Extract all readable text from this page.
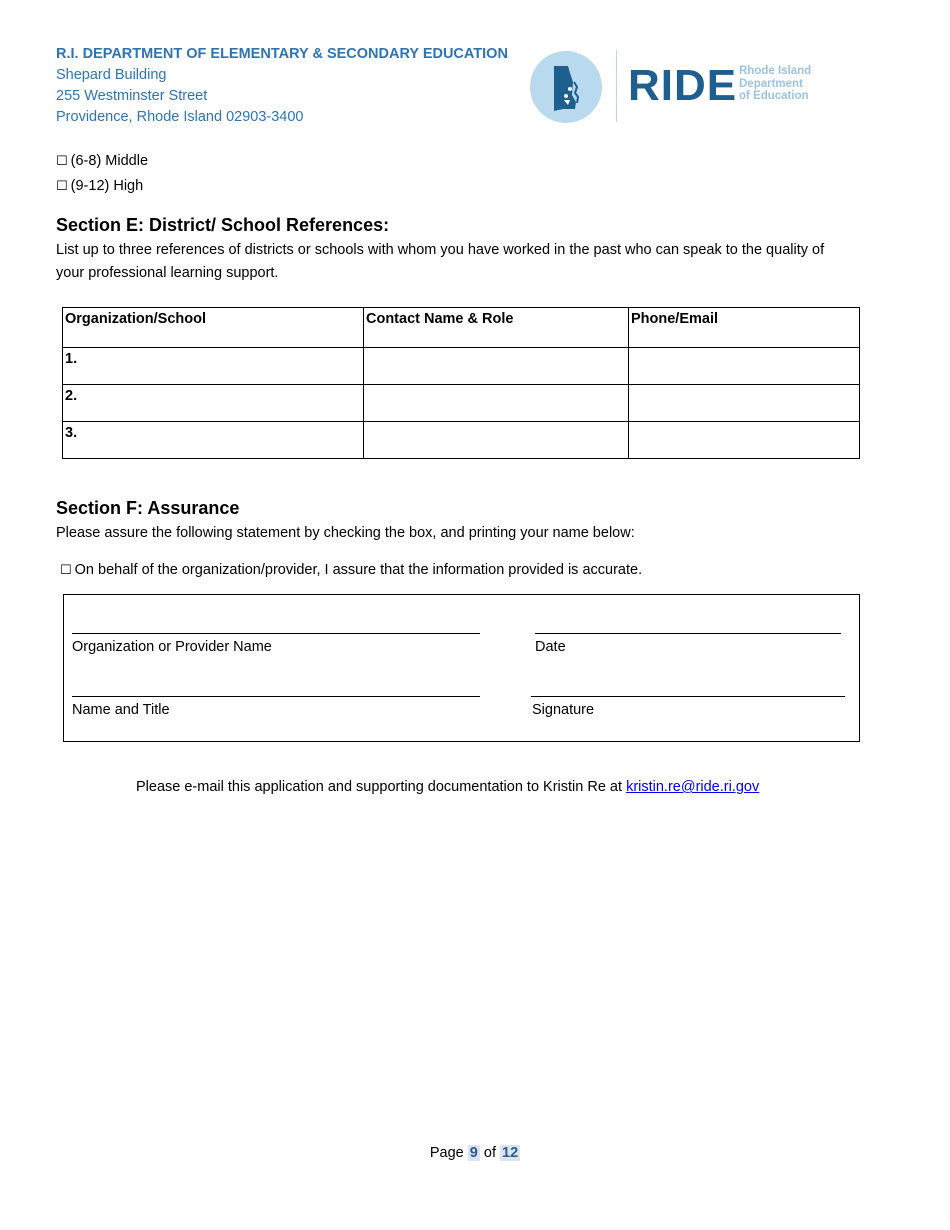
R.I. DEPARTMENT OF ELEMENTARY & SECONDARY EDUCATION
Shepard Building
255 Westminster Street
Providence, Rhode Island 02903-3400
RIDE Rhode Island
Department
of Education
☐ (6-8) Middle
☐ (9-12) High
Section E: District/ School References:
List up to three references of districts or schools with whom you have worked in the past who can speak to the quality of
your professional learning support.
Organization/School	Contact Name & Role	Phone/Email
1.		
2.		
3.		
Section F: Assurance
Please assure the following statement by checking the box, and printing your name below:
☐ On behalf of the organization/provider, I assure that the information provided is accurate.
Organization or Provider Name	Date
Name and Title	Signature
Please e-mail this application and supporting documentation to Kristin Re at kristin.re@ride.ri.gov
Page 9 of 12
